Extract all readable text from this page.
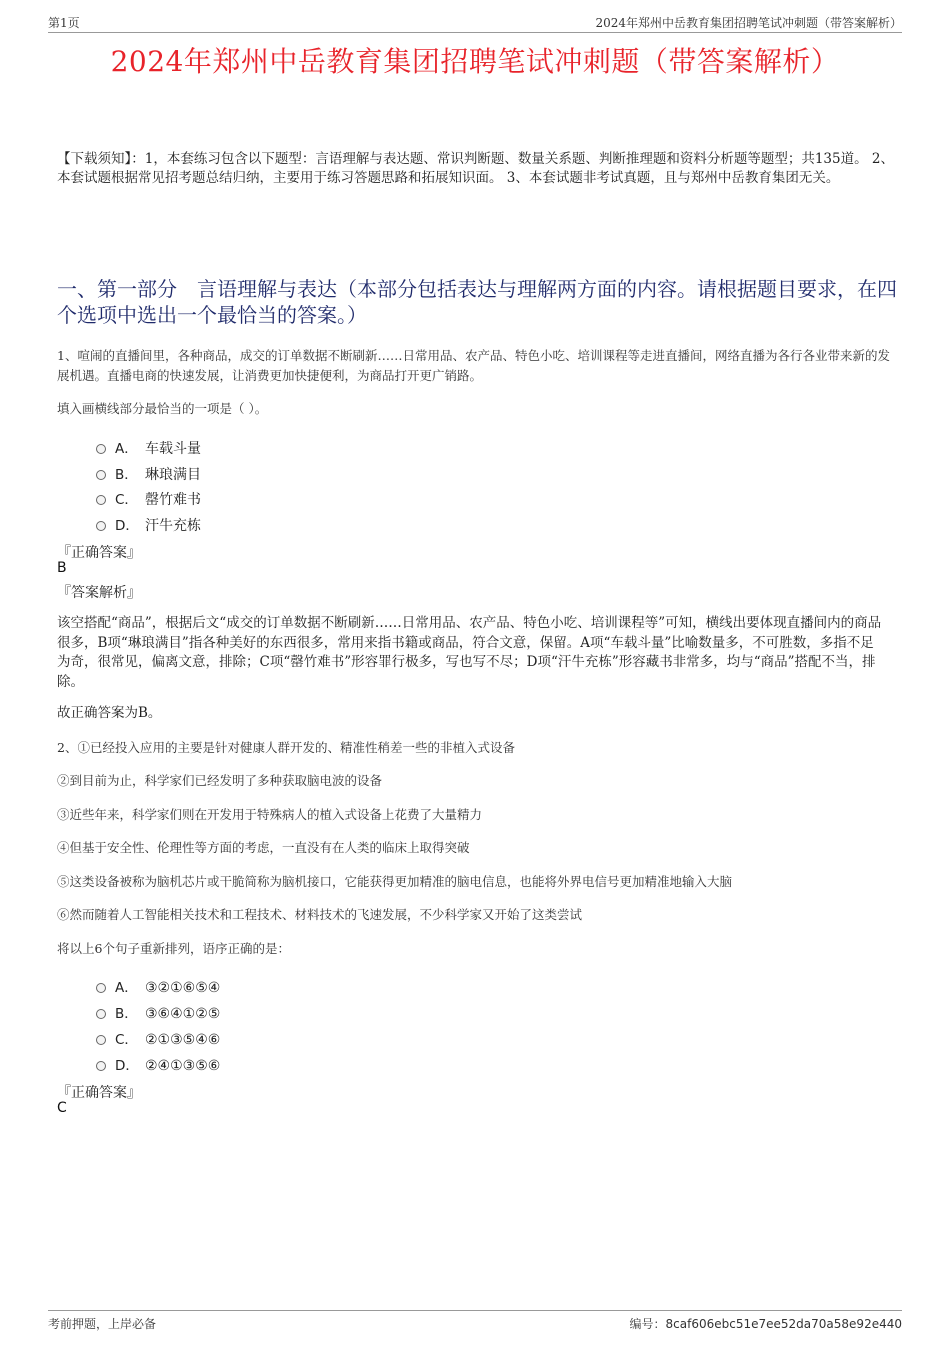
第1页	2024年郑州中岳教育集团招聘笔试冲刺题（带答案解析）
2024年郑州中岳教育集团招聘笔试冲刺题（带答案解析）
【下载须知】：1，本套练习包含以下题型：言语理解与表达题、常识判断题、数量关系题、判断推理题和资料分析题等题型；共135道。 2、本套试题根据常见招考题总结归纳，主要用于练习答题思路和拓展知识面。 3、本套试题非考试真题，且与郑州中岳教育集团无关。
一、第一部分　言语理解与表达（本部分包括表达与理解两方面的内容。请根据题目要求，在四个选项中选出一个最恰当的答案。）
1、喧闹的直播间里，各种商品，成交的订单数据不断刷新……日常用品、农产品、特色小吃、培训课程等走进直播间，网络直播为各行各业带来新的发展机遇。直播电商的快速发展，让消费更加快捷便利，为商品打开更广销路。
填入画横线部分最恰当的一项是（ ）。
A． 车载斗量
B． 琳琅满目
C． 罄竹难书
D． 汗牛充栋
『正确答案』
B
『答案解析』
该空搭配“商品”，根据后文“成交的订单数据不断刷新……日常用品、农产品、特色小吃、培训课程等”可知，横线出要体现直播间内的商品很多，B项“琳琅满目”指各种美好的东西很多，常用来指书籍或商品，符合文意，保留。A项“车载斗量”比喻数量多，不可胜数，多指不足为奇，很常见，偏离文意，排除；C项“罄竹难书”形容罪行极多，写也写不尽；D项“汗牛充栋”形容藏书非常多，均与“商品”搭配不当，排除。
故正确答案为B。
2、①已经投入应用的主要是针对健康人群开发的、精准性稍差一些的非植入式设备
②到目前为止，科学家们已经发明了多种获取脑电波的设备
③近些年来，科学家们则在开发用于特殊病人的植入式设备上花费了大量精力
④但基于安全性、伦理性等方面的考虑，一直没有在人类的临床上取得突破
⑤这类设备被称为脑机芯片或干脆简称为脑机接口，它能获得更加精准的脑电信息，也能将外界电信号更加精准地输入大脑
⑥然而随着人工智能相关技术和工程技术、材料技术的飞速发展，不少科学家又开始了这类尝试
将以上6个句子重新排列，语序正确的是：
A． ③②①⑥⑤④
B． ③⑥④①②⑤
C． ②①③⑤④⑥
D． ②④①③⑤⑥
『正确答案』
C
考前押题，上岸必备	编号：8caf606ebc51e7ee52da70a58e92e440
